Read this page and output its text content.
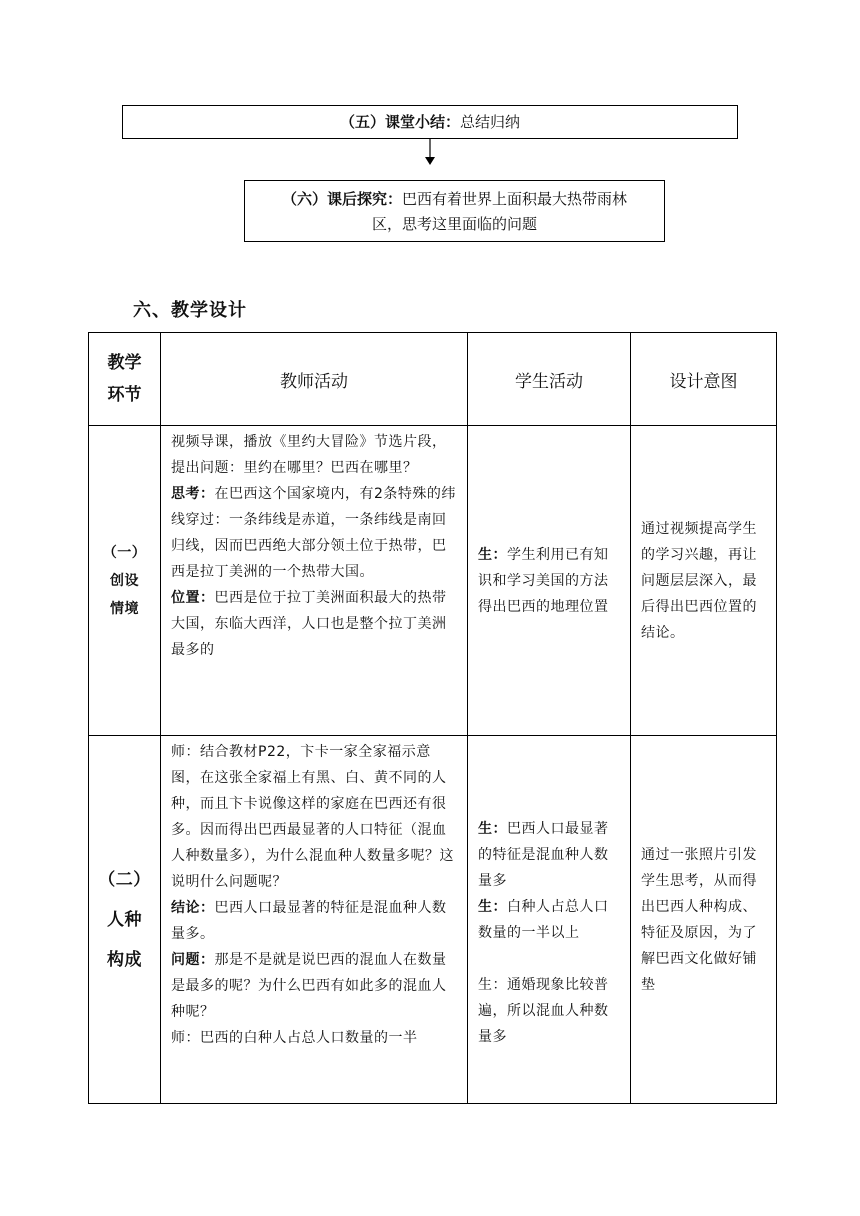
（五）课堂小结：总结归纳
（六）课后探究：巴西有着世界上面积最大热带雨林
区，思考这里面临的问题
六、教学设计
教学
环节	教师活动	学生活动	设计意图

（一）
创设
情境	视频导课，播放《里约大冒险》节选片段，提出问题：里约在哪里？巴西在哪里？
思考：在巴西这个国家境内，有2条特殊的纬线穿过：一条纬线是赤道，一条纬线是南回归线，因而巴西绝大部分领土位于热带，巴西是拉丁美洲的一个热带大国。
位置：巴西是位于拉丁美洲面积最大的热带大国，东临大西洋，人口也是整个拉丁美洲最多的	生：学生利用已有知识和学习美国的方法得出巴西的地理位置	通过视频提高学生的学习兴趣，再让问题层层深入，最后得出巴西位置的结论。

（二）
人种
构成	师：结合教材P22，卞卡一家全家福示意图，在这张全家福上有黑、白、黄不同的人种，而且卞卡说像这样的家庭在巴西还有很多。因而得出巴西最显著的人口特征（混血人种数量多），为什么混血种人数量多呢？这说明什么问题呢？
结论：巴西人口最显著的特征是混血种人数量多。
问题：那是不是就是说巴西的混血人在数量是最多的呢？为什么巴西有如此多的混血人种呢？
师：巴西的白种人占总人口数量的一半	生：巴西人口最显著的特征是混血种人数量多
生：白种人占总人口数量的一半以上
生：通婚现象比较普遍，所以混血人种数量多	通过一张照片引发学生思考，从而得出巴西人种构成、特征及原因，为了解巴西文化做好铺垫
